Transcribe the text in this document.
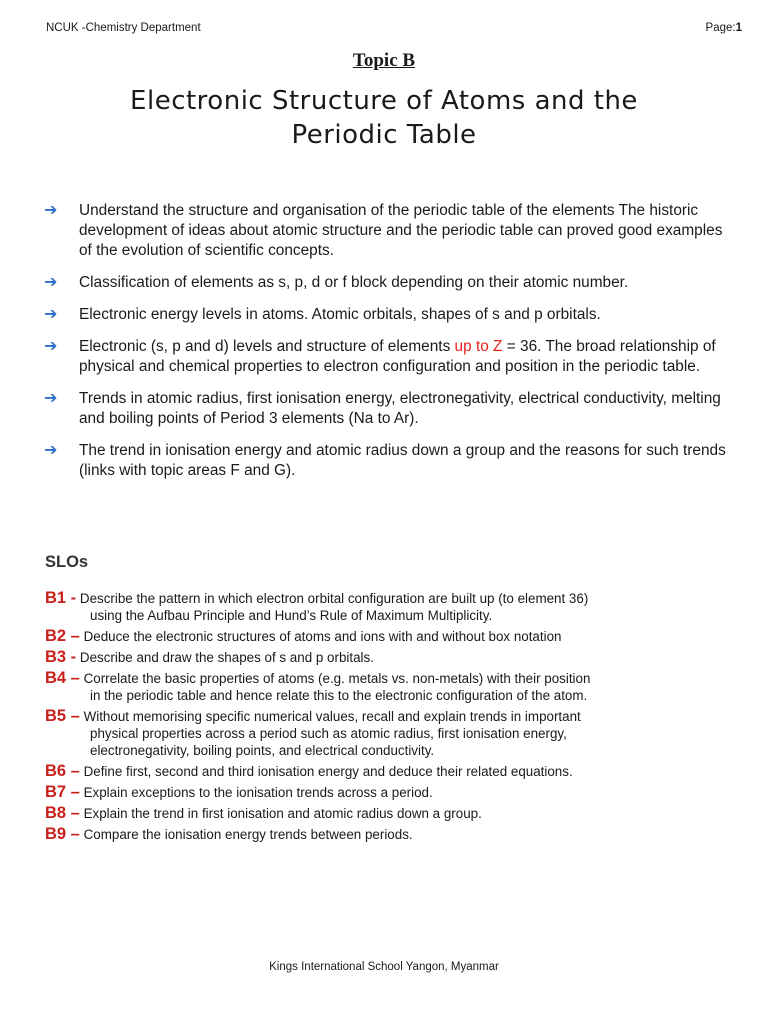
NCUK -Chemistry Department	Page:1
Topic B
Electronic Structure of Atoms and the
Periodic Table
➔ Understand the structure and organisation of the periodic table of the elements The historic development of ideas about atomic structure and the periodic table can proved good examples of the evolution of scientific concepts.
➔ Classification of elements as s, p, d or f block depending on their atomic number.
➔ Electronic energy levels in atoms. Atomic orbitals, shapes of s and p orbitals.
➔ Electronic (s, p and d) levels and structure of elements up to Z = 36. The broad relationship of physical and chemical properties to electron configuration and position in the periodic table.
➔ Trends in atomic radius, first ionisation energy, electronegativity, electrical conductivity, melting and boiling points of Period 3 elements (Na to Ar).
➔ The trend in ionisation energy and atomic radius down a group and the reasons for such trends (links with topic areas F and G).
SLOs
B1 - Describe the pattern in which electron orbital configuration are built up (to element 36)
using the Aufbau Principle and Hund’s Rule of Maximum Multiplicity.
B2 – Deduce the electronic structures of atoms and ions with and without box notation
B3 - Describe and draw the shapes of s and p orbitals.
B4 – Correlate the basic properties of atoms (e.g. metals vs. non-metals) with their position
in the periodic table and hence relate this to the electronic configuration of the atom.
B5 – Without memorising specific numerical values, recall and explain trends in important
physical properties across a period such as atomic radius, first ionisation energy,
electronegativity, boiling points, and electrical conductivity.
B6 – Define first, second and third ionisation energy and deduce their related equations.
B7 – Explain exceptions to the ionisation trends across a period.
B8 – Explain the trend in first ionisation and atomic radius down a group.
B9 – Compare the ionisation energy trends between periods.
Kings International School Yangon, Myanmar
